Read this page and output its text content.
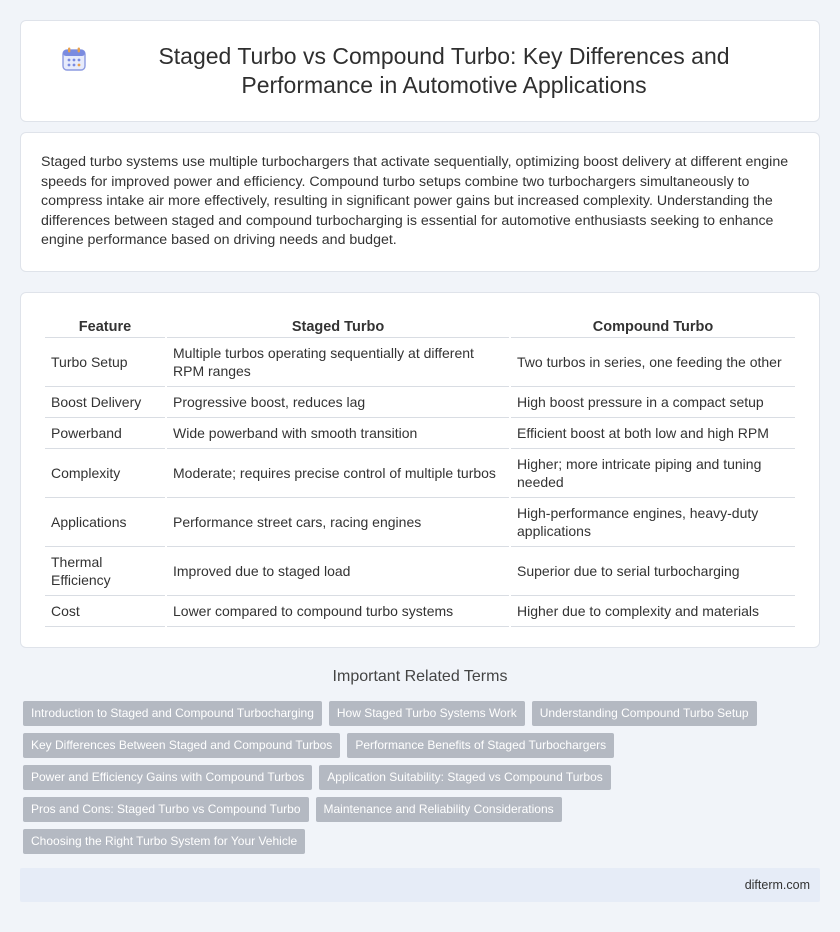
Staged Turbo vs Compound Turbo: Key Differences and Performance in Automotive Applications

Staged turbo systems use multiple turbochargers that activate sequentially, optimizing boost delivery at different engine speeds for improved power and efficiency. Compound turbo setups combine two turbochargers simultaneously to compress intake air more effectively, resulting in significant power gains but increased complexity. Understanding the differences between staged and compound turbocharging is essential for automotive enthusiasts seeking to enhance engine performance based on driving needs and budget.

Feature	Staged Turbo	Compound Turbo
Turbo Setup	Multiple turbos operating sequentially at different RPM ranges	Two turbos in series, one feeding the other
Boost Delivery	Progressive boost, reduces lag	High boost pressure in a compact setup
Powerband	Wide powerband with smooth transition	Efficient boost at both low and high RPM
Complexity	Moderate; requires precise control of multiple turbos	Higher; more intricate piping and tuning needed
Applications	Performance street cars, racing engines	High-performance engines, heavy-duty applications
Thermal Efficiency	Improved due to staged load	Superior due to serial turbocharging
Cost	Lower compared to compound turbo systems	Higher due to complexity and materials
Important Related Terms
Introduction to Staged and Compound Turbocharging	How Staged Turbo Systems Work	Understanding Compound Turbo Setup
Key Differences Between Staged and Compound Turbos	Performance Benefits of Staged Turbochargers
Power and Efficiency Gains with Compound Turbos	Application Suitability: Staged vs Compound Turbos
Pros and Cons: Staged Turbo vs Compound Turbo	Maintenance and Reliability Considerations
Choosing the Right Turbo System for Your Vehicle
difterm.com
